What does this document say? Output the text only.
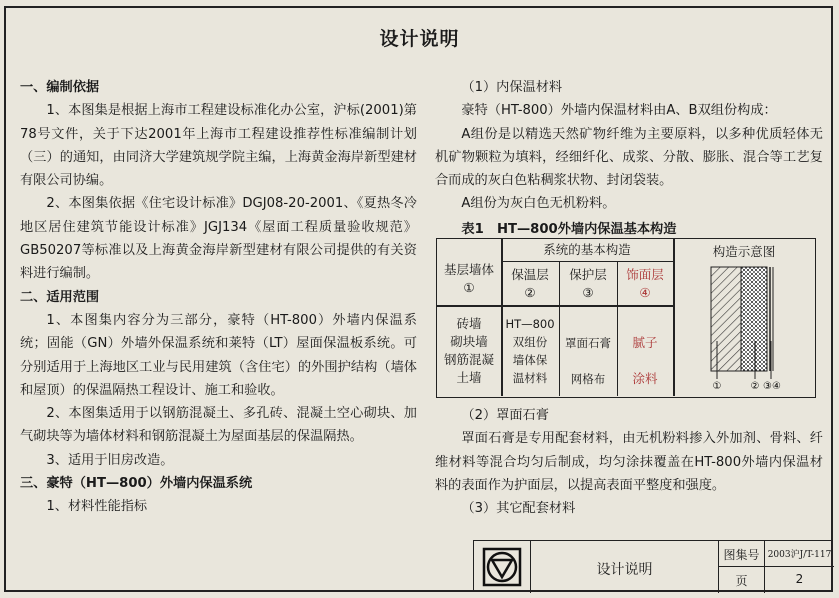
设计说明
一、编制依据
1、本图集是根据上海市工程建设标准化办公室，沪标(2001)第78号文件，关于下达2001年上海市工程建设推荐性标准编制计划（三）的通知，由同济大学建筑规学院主编，上海黄金海岸新型建材有限公司协编。
2、本图集依据《住宅设计标准》DGJ08-20-2001、《夏热冬冷地区居住建筑节能设计标准》JGJ134《屋面工程质量验收规范》GB50207等标准以及上海黄金海岸新型建材有限公司提供的有关资料进行编制。
二、适用范围
1、本图集内容分为三部分，豪特（HT-800）外墙内保温系统；固能（GN）外墙外保温系统和莱特（LT）屋面保温板系统。可分别适用于上海地区工业与民用建筑（含住宅）的外围护结构（墙体和屋顶）的保温隔热工程设计、施工和验收。
2、本图集适用于以钢筋混凝土、多孔砖、混凝土空心砌块、加气砌块等为墙体材料和钢筋混凝土为屋面基层的保温隔热。
3、适用于旧房改造。
三、豪特（HT—800）外墙内保温系统
1、材料性能指标
（1）内保温材料
豪特（HT-800）外墙内保温材料由A、B双组份构成：
A组份是以精选天然矿物纤维为主要原料，以多种优质轻体无机矿物颗粒为填料，经细纤化、成浆、分散、膨胀、混合等工艺复合而成的灰白色粘稠浆状物、封闭袋装。
A组份为灰白色无机粉料。
表1　HT—800外墙内保温基本构造
基层墙体
①
系统的基本构造
保温层
②
保护层
③
饰面层
④
构造示意图
砖墙
砌块墙
钢筋混凝
土墙
HT—800
双组份
墙体保
温材料
罩面石膏
网格布
腻子
涂料
①	② ③④
（2）罩面石膏
罩面石膏是专用配套材料，由无机粉料掺入外加剂、骨料、纤维材料等混合均匀后制成，均匀涂抹覆盖在HT-800外墙内保温材料的表面作为护面层，以提高表面平整度和强度。
（3）其它配套材料
设计说明
图集号 2003沪J/T-117
页	2
